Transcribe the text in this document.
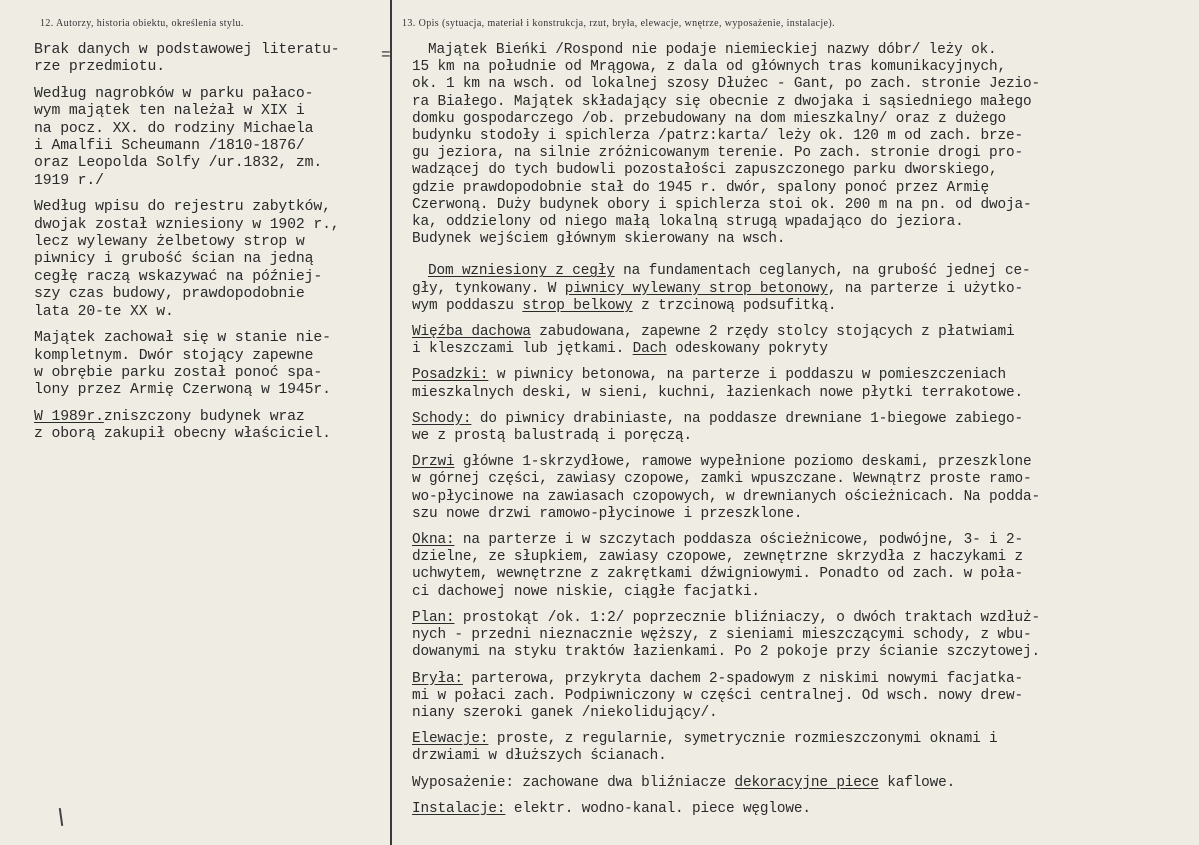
12. Autorzy, historia obiektu, określenia stylu.	13. Opis (sytuacja, materiał i konstrukcja, rzut, bryła, elewacje, wnętrze, wyposażenie, instalacje).
=

Brak danych w podstawowej literatu-
rze przedmiotu.

Według nagrobków w parku pałaco-
wym majątek ten należał w XIX i
na pocz. XX. do rodziny Michaela
i Amalfii Scheumann /1810-1876/
oraz Leopolda Solfy /ur.1832, zm.
1919 r./

Według wpisu do rejestru zabytków,
dwojak został wzniesiony w 1902 r.,
lecz wylewany żelbetowy strop w
piwnicy i grubość ścian na jedną
cegłę raczą wskazywać na później-
szy czas budowy, prawdopodobnie
lata 20-te XX w.

Majątek zachował się w stanie nie-
kompletnym. Dwór stojący zapewne
w obrębie parku został ponoć spa-
lony przez Armię Czerwoną w 1945r.

W 1989r.zniszczony budynek wraz
z oborą zakupił obecny właściciel.

Majątek Bieńki /Rospond nie podaje niemieckiej nazwy dóbr/ leży ok.
15 km na południe od Mrągowa, z dala od głównych tras komunikacyjnych,
ok. 1 km na wsch. od lokalnej szosy Dłużec - Gant, po zach. stronie Jezio-
ra Białego. Majątek składający się obecnie z dwojaka i sąsiedniego małego
domku gospodarczego /ob. przebudowany na dom mieszkalny/ oraz z dużego
budynku stodoły i spichlerza /patrz:karta/ leży ok. 120 m od zach. brze-
gu jeziora, na silnie zróżnicowanym terenie. Po zach. stronie drogi pro-
wadzącej do tych budowli pozostałości zapuszczonego parku dworskiego,
gdzie prawdopodobnie stał do 1945 r. dwór, spalony ponoć przez Armię
Czerwoną. Duży budynek obory i spichlerza stoi ok. 200 m na pn. od dwoja-
ka, oddzielony od niego małą lokalną strugą wpadająco do jeziora.
Budynek wejściem głównym skierowany na wsch.

Dom wzniesiony z cegły na fundamentach ceglanych, na grubość jednej ce-
gły, tynkowany. W piwnicy wylewany strop betonowy, na parterze i użytko-
wym poddaszu strop belkowy z trzcinową podsufitką.

Więźba dachowa zabudowana, zapewne 2 rzędy stolcy stojących z płatwiami
i kleszczami lub jętkami. Dach odeskowany pokryty

Posadzki: w piwnicy betonowa, na parterze i poddaszu w pomieszczeniach
mieszkalnych deski, w sieni, kuchni, łazienkach nowe płytki terrakotowe.

Schody: do piwnicy drabiniaste, na poddasze drewniane 1-biegowe zabiego-
we z prostą balustradą i poręczą.

Drzwi główne 1-skrzydłowe, ramowe wypełnione poziomo deskami, przeszklone
w górnej części, zawiasy czopowe, zamki wpuszczane. Wewnątrz proste ramo-
wo-płycinowe na zawiasach czopowych, w drewnianych ościeżnicach. Na podda-
szu nowe drzwi ramowo-płycinowe i przeszklone.

Okna: na parterze i w szczytach poddasza ościeżnicowe, podwójne, 3- i 2-
dzielne, ze słupkiem, zawiasy czopowe, zewnętrzne skrzydła z haczykami z
uchwytem, wewnętrzne z zakrętkami dźwigniowymi. Ponadto od zach. w poła-
ci dachowej nowe niskie, ciągłe facjatki.

Plan: prostokąt /ok. 1:2/ poprzecznie bliźniaczy, o dwóch traktach wzdłuż-
nych - przedni nieznacznie węższy, z sieniami mieszczącymi schody, z wbu-
dowanymi na styku traktów łazienkami. Po 2 pokoje przy ścianie szczytowej.

Bryła: parterowa, przykryta dachem 2-spadowym z niskimi nowymi facjatka-
mi w połaci zach. Podpiwniczony w części centralnej. Od wsch. nowy drew-
niany szeroki ganek /niekolidujący/.

Elewacje: proste, z regularnie, symetrycznie rozmieszczonymi oknami i
drzwiami w dłuższych ścianach.

Wyposażenie: zachowane dwa bliźniacze dekoracyjne piece kaflowe.

Instalacje: elektr. wodno-kanal. piece węglowe.
